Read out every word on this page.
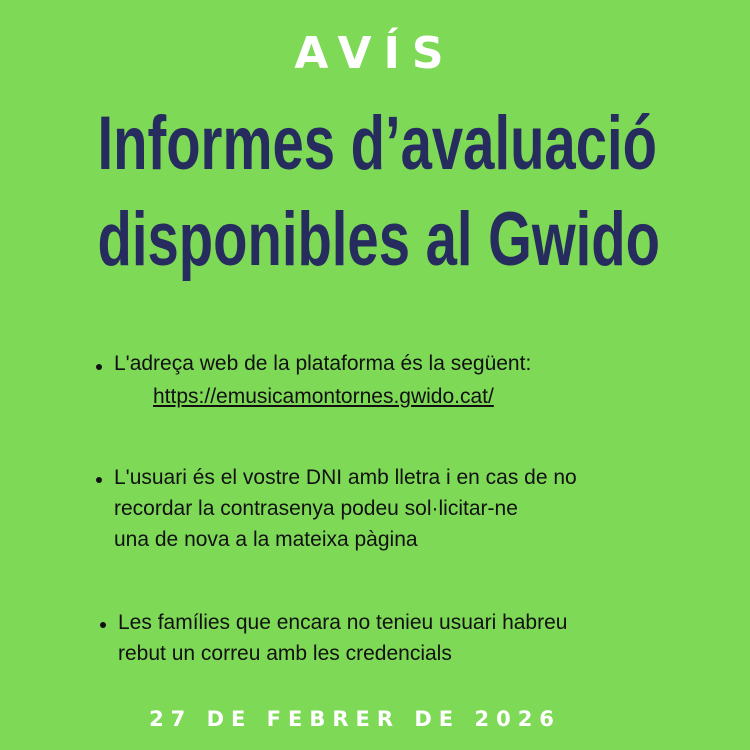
AVÍS
Informes d’avaluació
disponibles al Gwido
L'adreça web de la plataforma és la següent:
https://emusicamontornes.gwido.cat/
L'usuari és el vostre DNI amb lletra i en cas de no
recordar la contrasenya podeu sol·licitar-ne
una de nova a la mateixa pàgina
Les famílies que encara no tenieu usuari habreu
rebut un correu amb les credencials
27 DE FEBRER DE 2026
